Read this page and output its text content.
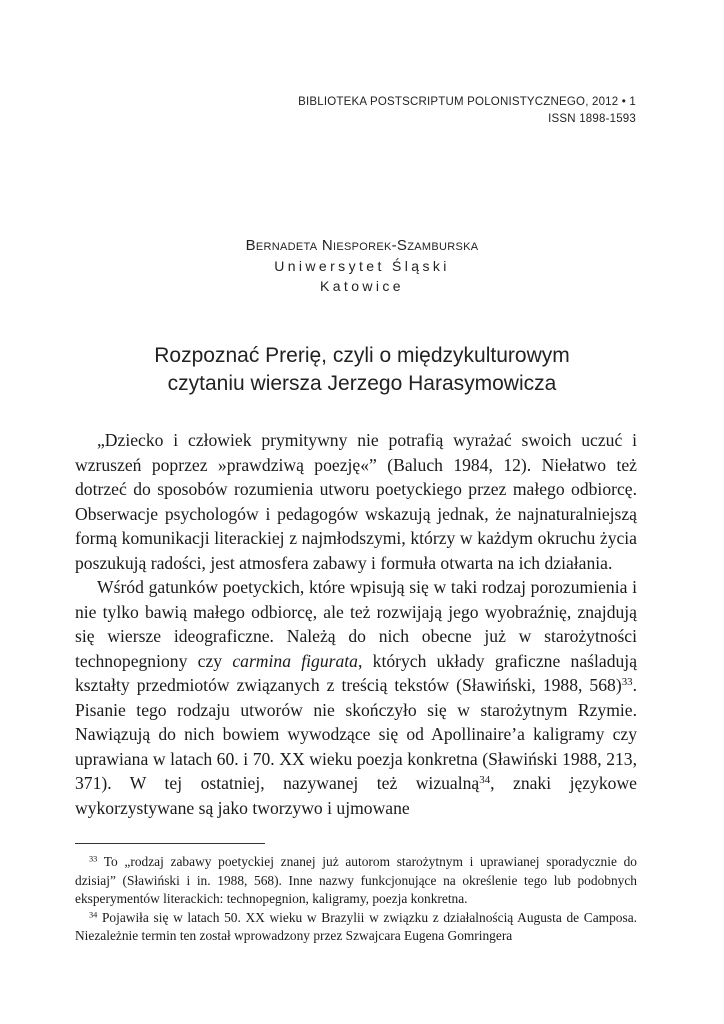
BIBLIOTEKA POSTSCRIPTUM POLONISTYCZNEGO, 2012 • 1
ISSN 1898-1593
Bernadeta Niesporek-Szamburska
Uniwersytet Śląski
Katowice
Rozpoznać Prerię, czyli o międzykulturowym
czytaniu wiersza Jerzego Harasymowicza

„Dziecko i człowiek prymitywny nie potrafią wyrażać swoich uczuć i wzruszeń poprzez »prawdziwą poezję«” (Baluch 1984, 12). Niełatwo też dotrzeć do sposobów rozumienia utworu poetyckiego przez małego odbiorcę. Obserwacje psychologów i pedagogów wskazują jednak, że najnaturalniejszą formą komunikacji literackiej z najmłodszymi, którzy w każdym okruchu życia poszukują radości, jest atmosfera zabawy i formuła otwarta na ich działania.

Wśród gatunków poetyckich, które wpisują się w taki rodzaj porozumienia i nie tylko bawią małego odbiorcę, ale też rozwijają jego wyobraźnię, znajdują się wiersze ideograficzne. Należą do nich obecne już w starożytności technopegniony czy carmina figurata, których układy graficzne naśladują kształty przedmiotów związanych z treścią tekstów (Sławiński, 1988, 568)$^{33}$. Pisanie tego rodzaju utworów nie skończyło się w starożytnym Rzymie. Nawiązują do nich bowiem wywodzące się od Apollinaire’a kaligramy czy uprawiana w latach 60. i 70. XX wieku poezja konkretna (Sławiński 1988, 213, 371). W tej ostatniej, nazywanej też wizualną$^{34}$, znaki językowe wykorzystywane są jako tworzywo i ujmowane

$^{33}$ To „rodzaj zabawy poetyckiej znanej już autorom starożytnym i uprawianej sporadycznie do dzisiaj” (Sławiński i in. 1988, 568). Inne nazwy funkcjonujące na określenie tego lub podobnych eksperymentów literackich: technopegnion, kaligramy, poezja konkretna.

$^{34}$ Pojawiła się w latach 50. XX wieku w Brazylii w związku z działalnością Augusta de Camposa. Niezależnie termin ten został wprowadzony przez Szwajcara Eugena Gomringera
